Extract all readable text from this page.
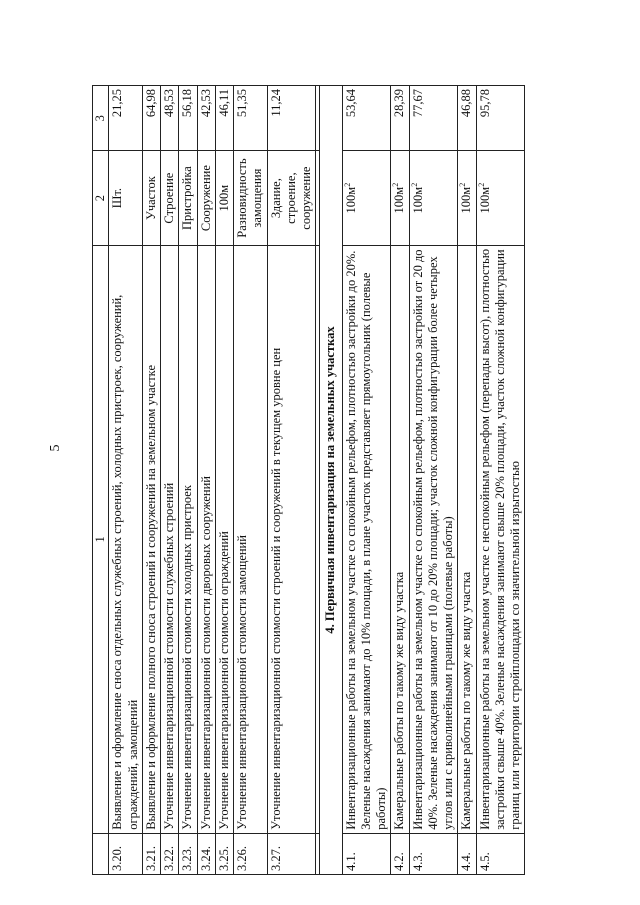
5
	1	2	3
3.20.	Выявление и оформление сноса отдельных служебных строений, холодных пристроек, сооружений, ограждений, замощений	Шт.	21,25
3.21.	Выявление и оформление полного сноса строений и сооружений на земельном участке	Участок	64,98
3.22.	Уточнение инвентаризационной стоимости служебных строений	Строение	48,53
3.23.	Уточнение инвентаризационной стоимости холодных пристроек	Пристройка	56,18
3.24.	Уточнение инвентаризационной стоимости дворовых сооружений	Сооружение	42,53
3.25.	Уточнение инвентаризационной стоимости ограждений	100м	46,11
3.26.	Уточнение инвентаризационной стоимости замощений	Разновидность замощения	51,35
3.27.	Уточнение инвентаризационной стоимости строений и сооружений в текущем уровне цен	Здание, строение, сооружение	11,24

4. Первичная инвентаризация на земельных участках			
4.1.	Инвентаризационные работы на земельном участке со спокойным рельефом, плотностью застройки до 20%. Зеленые насаждения занимают до 10% площади, в плане участок представляет прямоугольник (полевые работы)	$100м^2$	53,64
4.2.	Камеральные работы по такому же виду участка	$100м^2$	28,39
4.3.	Инвентаризационные работы на земельном участке со спокойным рельефом, плотностью застройки от 20 до 40%. Зеленые насаждения занимают от 10 до 20% площади; участок сложной конфигурации более четырех углов или с криволинейными границами (полевые работы)	$100м^2$	77,67
4.4.	Камеральные работы по такому же виду участка	$100м^2$	46,88
4.5.	Инвентаризационные работы на земельном участке с неспокойным рельефом (перепады высот), плотностью застройки свыше 40%. Зеленые насаждения занимают свыше 20% площади, участок сложной конфигурации границ или территории стройплощадки со значительной изрытостью	$100м^2$	95,78
